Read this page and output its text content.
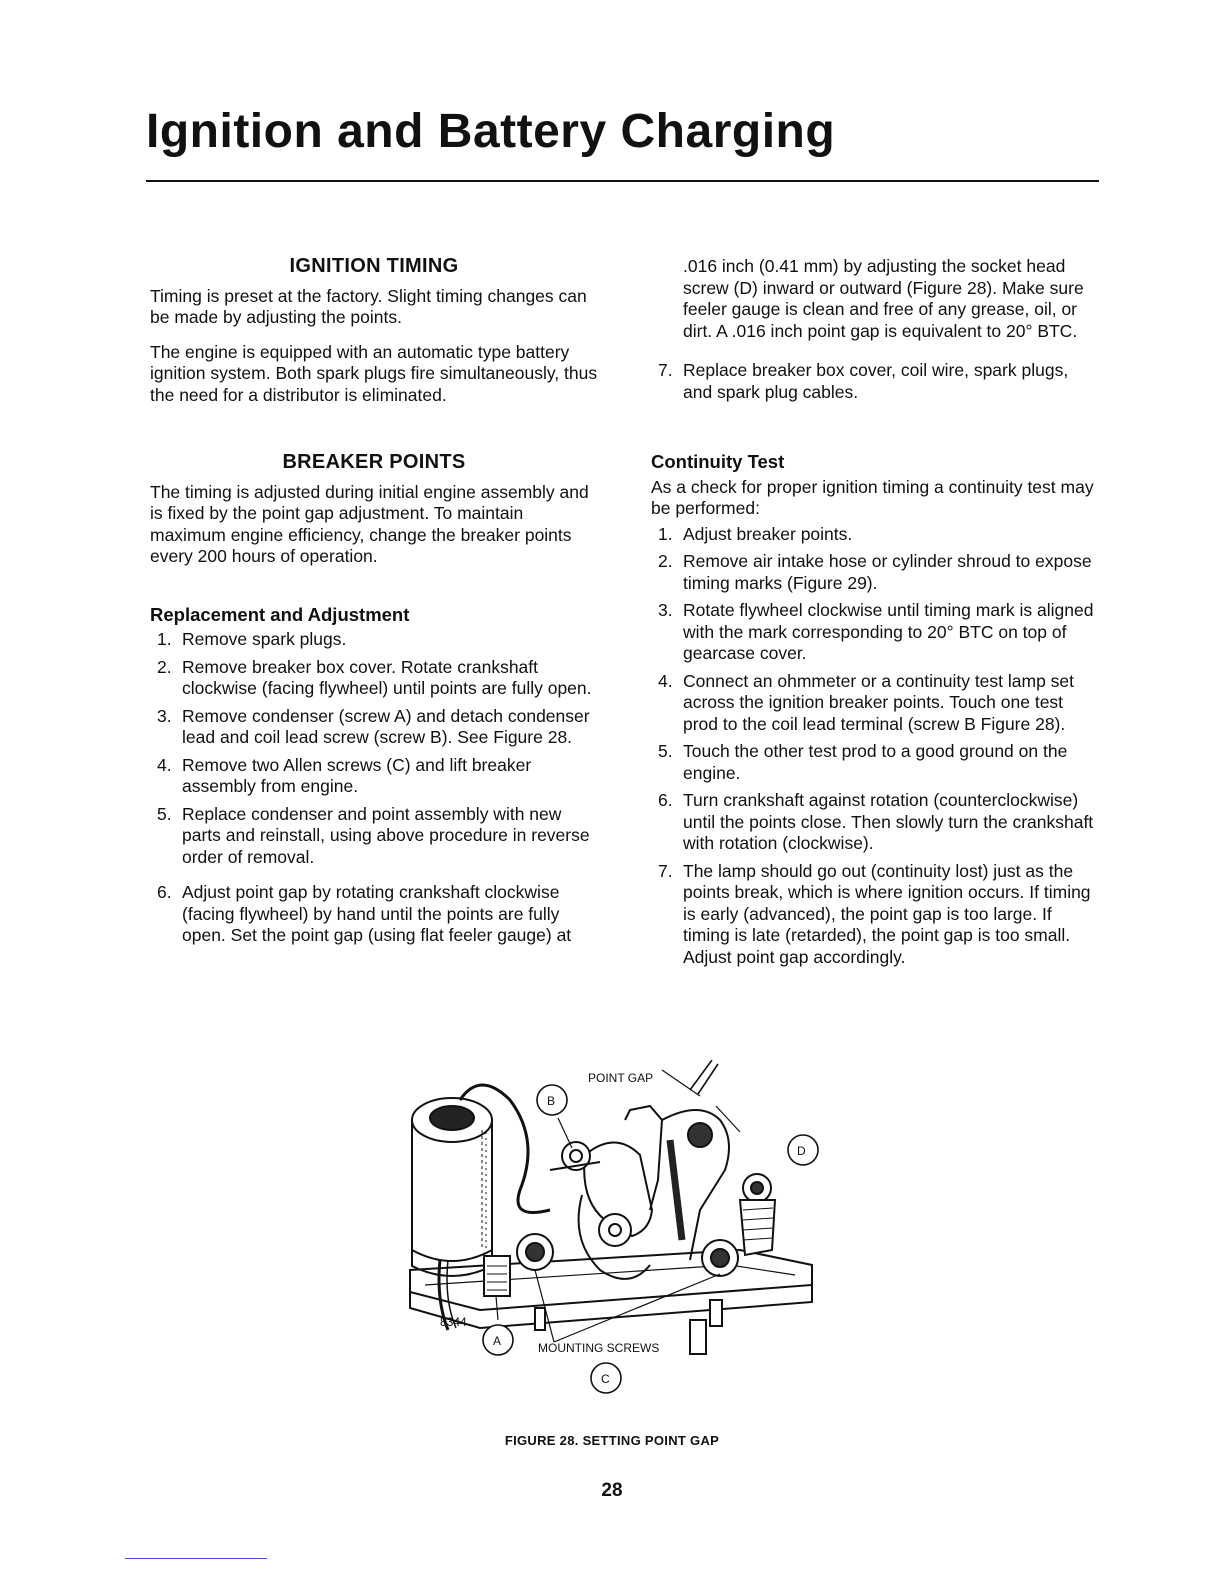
Ignition and Battery Charging
IGNITION TIMING

Timing is preset at the factory. Slight timing changes can be made by adjusting the points.

The engine is equipped with an automatic type battery ignition system. Both spark plugs fire simultaneously, thus the need for a distributor is eliminated.

BREAKER POINTS

The timing is adjusted during initial engine assembly and is fixed by the point gap adjustment. To maintain maximum engine efficiency, change the breaker points every 200 hours of operation.

Replacement and Adjustment
1. Remove spark plugs.
2. Remove breaker box cover. Rotate crankshaft clockwise (facing flywheel) until points are fully open.
3. Remove condenser (screw A) and detach condenser lead and coil lead screw (screw B). See Figure 28.
4. Remove two Allen screws (C) and lift breaker assembly from engine.
5. Replace condenser and point assembly with new parts and reinstall, using above procedure in reverse order of removal.
6. Adjust point gap by rotating crankshaft clockwise (facing flywheel) by hand until the points are fully open. Set the point gap (using flat feeler gauge) at

.016 inch (0.41 mm) by adjusting the socket head screw (D) inward or outward (Figure 28). Make sure feeler gauge is clean and free of any grease, oil, or dirt. A .016 inch point gap is equivalent to 20° BTC.

7. Replace breaker box cover, coil wire, spark plugs, and spark plug cables.
Continuity Test

As a check for proper ignition timing a continuity test may be performed:

1. Adjust breaker points.
2. Remove air intake hose or cylinder shroud to expose timing marks (Figure 29).
3. Rotate flywheel clockwise until timing mark is aligned with the mark corresponding to 20° BTC on top of gearcase cover.
4. Connect an ohmmeter or a continuity test lamp set across the ignition breaker points. Touch one test prod to the coil lead terminal (screw B Figure 28).
5. Touch the other test prod to a good ground on the engine.
6. Turn crankshaft against rotation (counterclockwise) until the points close. Then slowly turn the crankshaft with rotation (clockwise).
7. The lamp should go out (continuity lost) just as the points break, which is where ignition occurs. If timing is early (advanced), the point gap is too large. If timing is late (retarded), the point gap is too small. Adjust point gap accordingly.
B
D
A
C
POINT GAP
MOUNTING SCREWS
8344
FIGURE 28. SETTING POINT GAP
28
